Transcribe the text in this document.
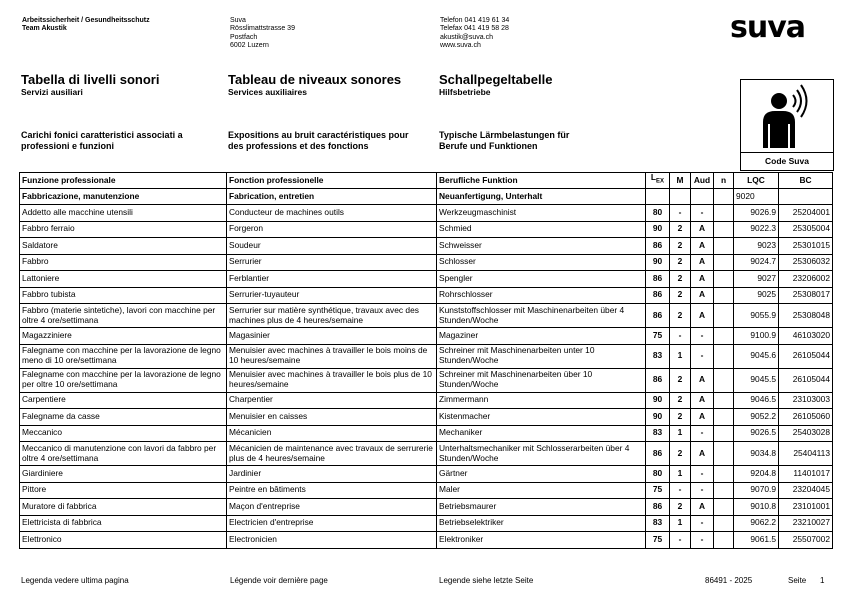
Arbeitssicherheit / Gesundheitsschutz
Team Akustik
Suva
Rösslimattstrasse 39
Postfach
6002 Luzern
Telefon 041 419 61 34
Telefax 041 419 58 28
akustik@suva.ch
www.suva.ch
suva
Tabella di livelli sonori
Servizi ausiliari
Tableau de niveaux sonores
Services auxiliaires
Schallpegeltabelle
Hilfsbetriebe
Carichi fonici caratteristici associati a
professioni e funzioni
Expositions au bruit caractéristiques pour
des professions et des fonctions
Typische Lärmbelastungen für
Berufe und Funktionen
Code Suva
Funzione professionale	Fonction professionelle	Berufliche Funktion	$L_{EX}$	M	Aud	n	LQC	BC
Fabbricazione, manutenzione	Fabrication, entretien	Neuanfertigung, Unterhalt					9020	
Addetto alle macchine utensili	Conducteur de machines outils	Werkzeugmaschinist	80	-	-		9026.9	25204001
Fabbro ferraio	Forgeron	Schmied	90	2	A		9022.3	25305004
Saldatore	Soudeur	Schweisser	86	2	A		9023	25301015
Fabbro	Serrurier	Schlosser	90	2	A		9024.7	25306032
Lattoniere	Ferblantier	Spengler	86	2	A		9027	23206002
Fabbro tubista	Serrurier-tuyauteur	Rohrschlosser	86	2	A		9025	25308017
Fabbro (materie sintetiche), lavori con macchine per oltre 4 ore/settimana	Serrurier sur matière synthétique, travaux avec des machines plus de 4 heures/semaine	Kunststoffschlosser mit Maschinenarbeiten über 4 Stunden/Woche	86	2	A		9055.9	25308048
Magazziniere	Magasinier	Magaziner	75	-	-		9100.9	46103020
Falegname con macchine per la lavorazione de legno meno di 10 ore/settimana	Menuisier avec machines à travailler le bois moins de 10 heures/semaine	Schreiner mit Maschinenarbeiten unter 10 Stunden/Woche	83	1	-		9045.6	26105044
Falegname con macchine per la lavorazione de legno per oltre 10 ore/settimana	Menuisier avec machines à travailler le bois plus de 10 heures/semaine	Schreiner mit Maschinenarbeiten über 10 Stunden/Woche	86	2	A		9045.5	26105044
Carpentiere	Charpentier	Zimmermann	90	2	A		9046.5	23103003
Falegname da casse	Menuisier en caisses	Kistenmacher	90	2	A		9052.2	26105060
Meccanico	Mécanicien	Mechaniker	83	1	-		9026.5	25403028
Meccanico di manutenzione con lavori da fabbro per oltre 4 ore/settimana	Mécanicien de maintenance avec travaux de serrurerie plus de 4 heures/semaine	Unterhaltsmechaniker mit Schlosserarbeiten über 4 Stunden/Woche	86	2	A		9034.8	25404113
Giardiniere	Jardinier	Gärtner	80	1	-		9204.8	11401017
Pittore	Peintre en bâtiments	Maler	75	-	-		9070.9	23204045
Muratore di fabbrica	Maçon d'entreprise	Betriebsmaurer	86	2	A		9010.8	23101001
Elettricista di fabbrica	Electricien d'entreprise	Betriebselektriker	83	1	-		9062.2	23210027
Elettronico	Electronicien	Elektroniker	75	-	-		9061.5	25507002
Legenda vedere ultima pagina	Légende voir dernière page	Legende siehe letzte Seite	86491 - 2025	Seite 1
